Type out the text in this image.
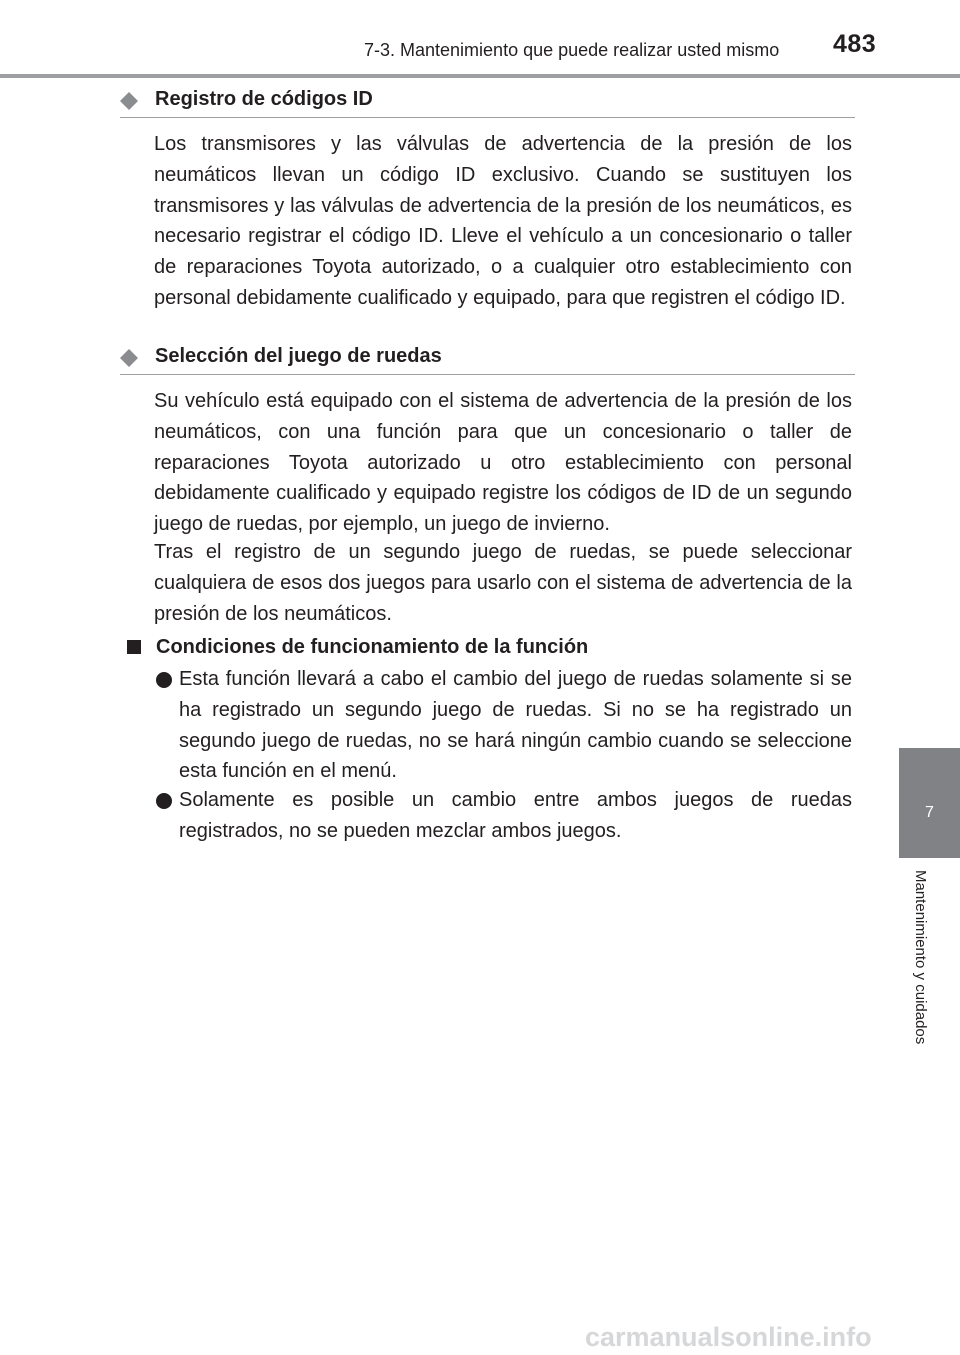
7-3. Mantenimiento que puede realizar usted mismo 483
7
Mantenimiento y cuidados
Registro de códigos ID

Los transmisores y las válvulas de advertencia de la presión de los neumáticos llevan un código ID exclusivo. Cuando se sustituyen los transmisores y las válvulas de advertencia de la presión de los neumáticos, es necesario registrar el código ID. Lleve el vehículo a un concesionario o taller de reparaciones Toyota autorizado, o a cualquier otro establecimiento con personal debidamente cualificado y equipado, para que registren el código ID.

Selección del juego de ruedas

Su vehículo está equipado con el sistema de advertencia de la presión de los neumáticos, con una función para que un concesionario o taller de reparaciones Toyota autorizado u otro establecimiento con personal debidamente cualificado y equipado registre los códigos de ID de un segundo juego de ruedas, por ejemplo, un juego de invierno.

Tras el registro de un segundo juego de ruedas, se puede seleccionar cualquiera de esos dos juegos para usarlo con el sistema de advertencia de la presión de los neumáticos.

Condiciones de funcionamiento de la función

Esta función llevará a cabo el cambio del juego de ruedas solamente si se ha registrado un segundo juego de ruedas. Si no se ha registrado un segundo juego de ruedas, no se hará ningún cambio cuando se seleccione esta función en el menú.

Solamente es posible un cambio entre ambos juegos de ruedas registrados, no se pueden mezclar ambos juegos.

carmanualsonline.info
